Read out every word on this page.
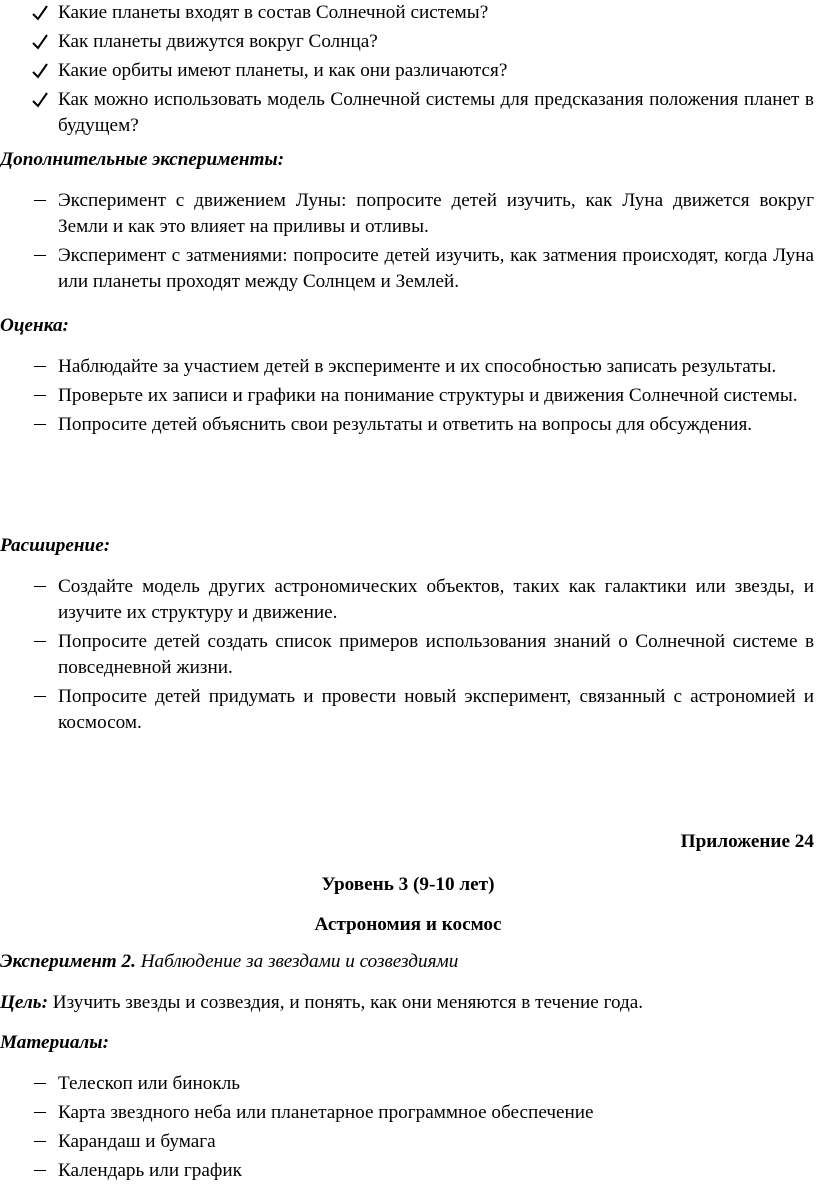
Какие планеты входят в состав Солнечной системы?
Как планеты движутся вокруг Солнца?
Какие орбиты имеют планеты, и как они различаются?
Как можно использовать модель Солнечной системы для предсказания положения планет в будущем?
Дополнительные эксперименты:
Эксперимент с движением Луны: попросите детей изучить, как Луна движется вокруг Земли и как это влияет на приливы и отливы.
Эксперимент с затмениями: попросите детей изучить, как затмения происходят, когда Луна или планеты проходят между Солнцем и Землей.
Оценка:
Наблюдайте за участием детей в эксперименте и их способностью записать результаты.
Проверьте их записи и графики на понимание структуры и движения Солнечной системы.
Попросите детей объяснить свои результаты и ответить на вопросы для обсуждения.
Расширение:
Создайте модель других астрономических объектов, таких как галактики или звезды, и изучите их структуру и движение.
Попросите детей создать список примеров использования знаний о Солнечной системе в повседневной жизни.
Попросите детей придумать и провести новый эксперимент, связанный с астрономией и космосом.
Приложение 24
Уровень 3 (9-10 лет)
Астрономия и космос
Эксперимент 2. Наблюдение за звездами и созвездиями
Цель: Изучить звезды и созвездия, и понять, как они меняются в течение года.
Материалы:
Телескоп или бинокль
Карта звездного неба или планетарное программное обеспечение
Карандаш и бумага
Календарь или график
